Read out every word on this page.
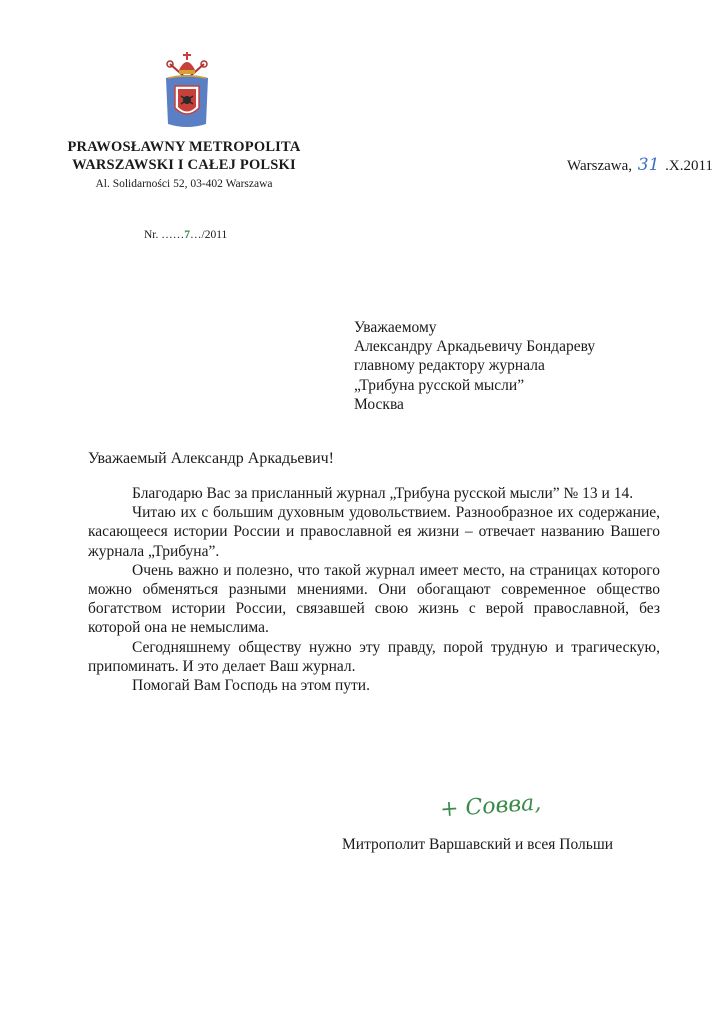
PRAWOSŁAWNY METROPOLITA
WARSZAWSKI I CAŁEJ POLSKI
Al. Solidarności 52, 03-402 Warszawa
Warszawa, 31 .X.2011
Nr. ……7…/2011
Уважаемому
Александру Аркадьевичу Бондареву
главному редактору журнала
„Трибуна русской мысли”
Москва
Уважаемый Александр Аркадьевич!

Благодарю Вас за присланный журнал „Трибуна русской мысли” № 13 и 14.

Читаю их с большим духовным удовольствием. Разнообразное их содержание, касающееся истории России и православной ея жизни – отвечает названию Вашего журнала „Трибуна”.

Очень важно и полезно, что такой журнал имеет место, на страницах которого можно обменяться разными мнениями. Они обогащают современное общество богатством истории России, связавшей свою жизнь с верой православной, без которой она не немыслима.

Сегодняшнему обществу нужно эту правду, порой трудную и трагическую, припоминать. И это делает Ваш журнал.

Помогай Вам Господь на этом пути.

+ Совва,
Митрополит Варшавский и всея Польши
